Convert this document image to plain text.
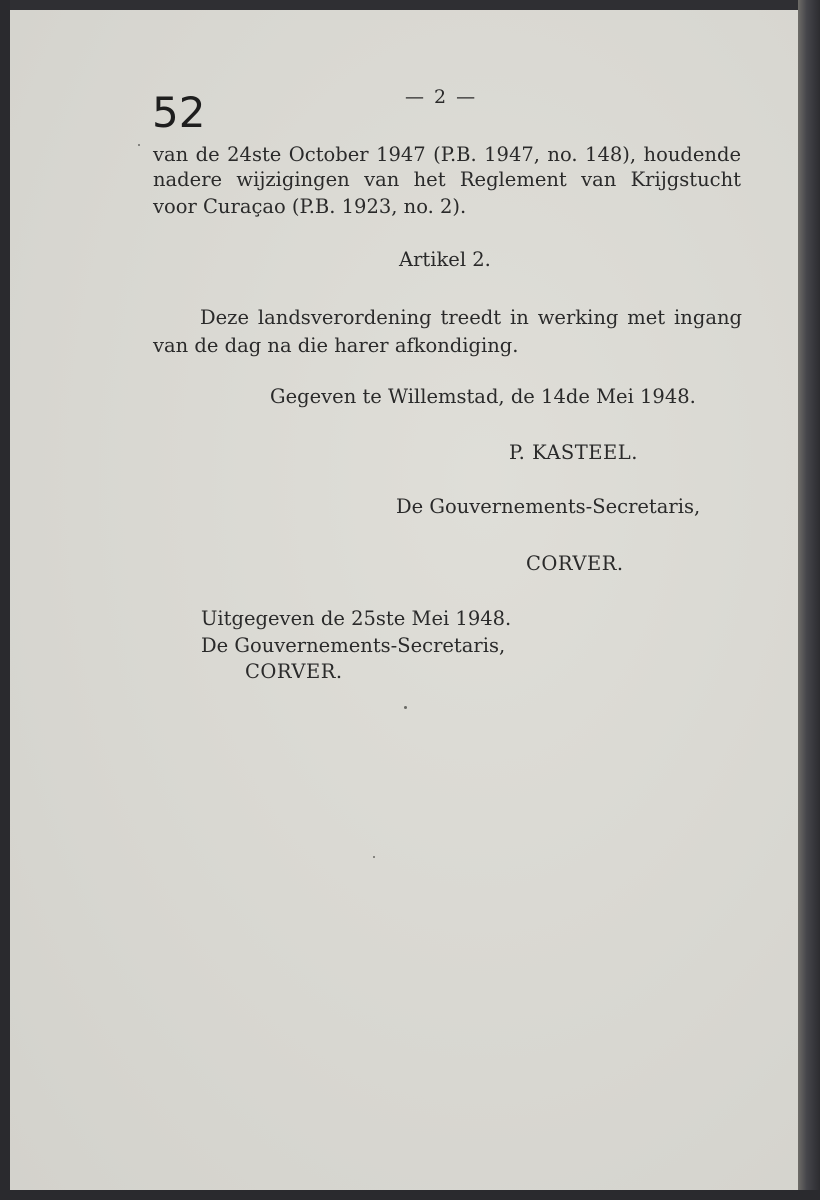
52	— 2 —
van de 24ste October 1947 (P.B. 1947, no. 148), houdende
nadere wijzigingen van het Reglement van Krijgstucht
voor Curaçao (P.B. 1923, no. 2).
Artikel 2.
Deze landsverordening treedt in werking met ingang
van de dag na die harer afkondiging.
Gegeven te Willemstad, de 14de Mei 1948.
P. KASTEEL.
De Gouvernements-Secretaris,
CORVER.
Uitgegeven de 25ste Mei 1948.
De Gouvernements-Secretaris,
CORVER.
